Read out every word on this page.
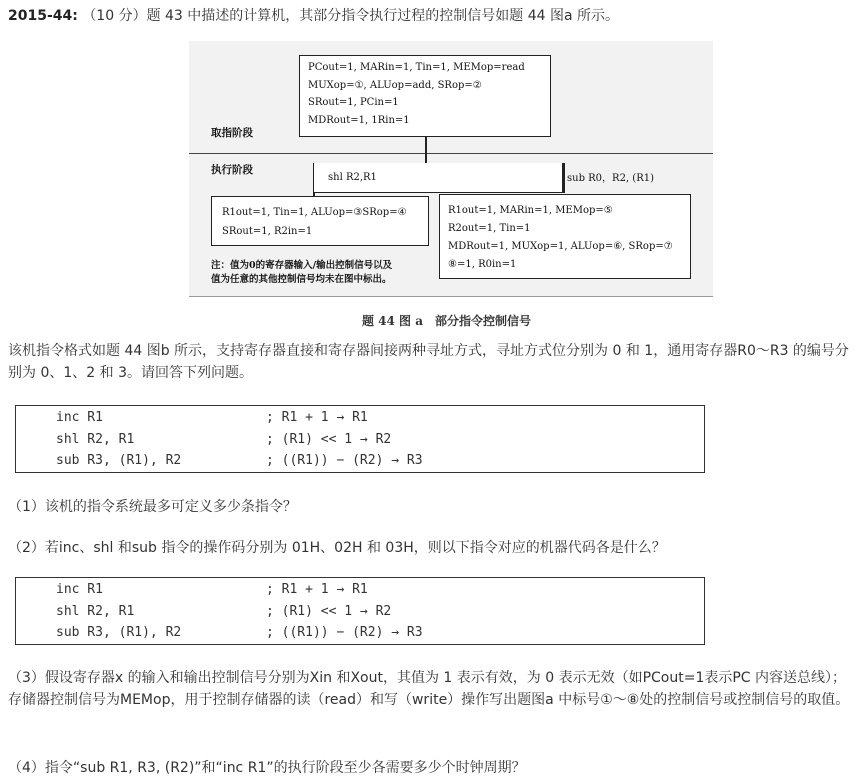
2015-44: （10 分）题 43 中描述的计算机，其部分指令执行过程的控制信号如题 44 图a 所示。
PCout=1, MARin=1, Tin=1, MEMop=read
MUXop=①, ALUop=add, SRop=②
SRout=1, PCin=1
MDRout=1, 1Rin=1
取指阶段
执行阶段
shl R2,R1	sub R0，R2, (R1)
R1out=1, Tin=1, ALUop=③SRop=④
SRout=1, R2in=1
注：值为0的寄存器输入/输出控制信号以及
值为任意的其他控制信号均未在图中标出。
R1out=1, MARin=1, MEMop=⑤
R2out=1, Tin=1
MDRout=1, MUXop=1, ALUop=⑥, SRop=⑦
⑧=1, R0in=1
题 44 图 a　部分指令控制信号
该机指令格式如题 44 图b 所示，支持寄存器直接和寄存器间接两种寻址方式，寻址方式位分别为 0 和 1，通用寄存器R0～R3 的编号分别为 0、1、2 和 3。请回答下列问题。
inc R1	; R1 + 1 → R1
shl R2, R1	; (R1) << 1 → R2
sub R3, (R1), R2	; ((R1)) − (R2) → R3
（1）该机的指令系统最多可定义多少条指令？
（2）若inc、shl 和sub 指令的操作码分别为 01H、02H 和 03H，则以下指令对应的机器代码各是什么？
inc R1	; R1 + 1 → R1
shl R2, R1	; (R1) << 1 → R2
sub R3, (R1), R2	; ((R1)) − (R2) → R3
（3）假设寄存器x 的输入和输出控制信号分别为Xin 和Xout，其值为 1 表示有效，为 0 表示无效（如PCout=1表示PC 内容送总线）；存储器控制信号为MEMop，用于控制存储器的读（read）和写（write）操作写出题图a 中标号①～⑧处的控制信号或控制信号的取值。
（4）指令“sub R1, R3, (R2)”和“inc R1”的执行阶段至少各需要多少个时钟周期？
